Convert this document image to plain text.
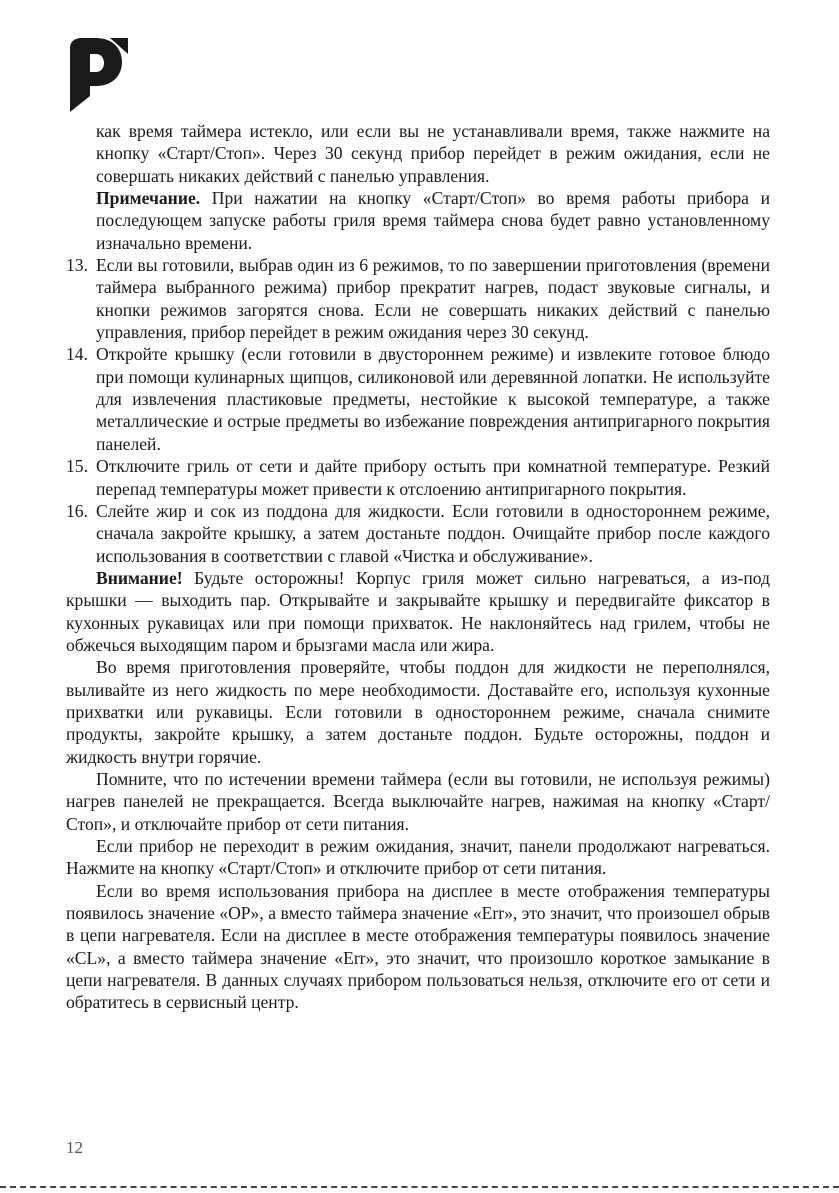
как время таймера истекло, или если вы не устанавливали время, также нажмите на кнопку «Старт/Стоп». Через 30 секунд прибор перейдет в режим ожидания, если не совершать никаких действий с панелью управления.

Примечание. При нажатии на кнопку «Старт/Стоп» во время работы прибора и последующем запуске работы гриля время таймера снова будет равно установленному изначально времени.

13. Если вы готовили, выбрав один из 6 режимов, то по завершении приготовления (времени таймера выбранного режима) прибор прекратит нагрев, подаст звуковые сигналы, и кнопки режимов загорятся снова. Если не совершать никаких действий с панелью управления, прибор перейдет в режим ожидания через 30 секунд.
14. Откройте крышку (если готовили в двустороннем режиме) и извлеките готовое блюдо при помощи кулинарных щипцов, силиконовой или деревянной лопатки. Не используйте для извлечения пластиковые предметы, нестойкие к высокой температуре, а также металлические и острые предметы во избежание повреждения антипригарного покрытия панелей.
15. Отключите гриль от сети и дайте прибору остыть при комнатной температуре. Резкий перепад температуры может привести к отслоению антипригарного покрытия.
16. Слейте жир и сок из поддона для жидкости. Если готовили в одностороннем режиме, сначала закройте крышку, а затем достаньте поддон. Очищайте прибор после каждого использования в соответствии с главой «Чистка и обслуживание».

Внимание! Будьте осторожны! Корпус гриля может сильно нагреваться, а из-под крышки — выходить пар. Открывайте и закрывайте крышку и передвигайте фиксатор в кухонных рукавицах или при помощи прихваток. Не наклоняйтесь над грилем, чтобы не обжечься выходящим паром и брызгами масла или жира.

Во время приготовления проверяйте, чтобы поддон для жидкости не переполнялся, выливайте из него жидкость по мере необходимости. Доставайте его, используя кухонные прихватки или рукавицы. Если готовили в одностороннем режиме, сначала снимите продукты, закройте крышку, а затем достаньте поддон. Будьте осторожны, поддон и жидкость внутри горячие.

Помните, что по истечении времени таймера (если вы готовили, не используя режимы) нагрев панелей не прекращается. Всегда выключайте нагрев, нажимая на кнопку «Старт/Стоп», и отключайте прибор от сети питания.

Если прибор не переходит в режим ожидания, значит, панели продолжают нагреваться. Нажмите на кнопку «Старт/Стоп» и отключите прибор от сети питания.

Если во время использования прибора на дисплее в месте отображения температуры появилось значение «OP», а вместо таймера значение «Err», это значит, что произошел обрыв в цепи нагревателя. Если на дисплее в месте отображения температуры появилось значение «CL», а вместо таймера значение «Err», это значит, что произошло короткое замыкание в цепи нагревателя. В данных случаях прибором пользоваться нельзя, отключите его от сети и обратитесь в сервисный центр.

12
